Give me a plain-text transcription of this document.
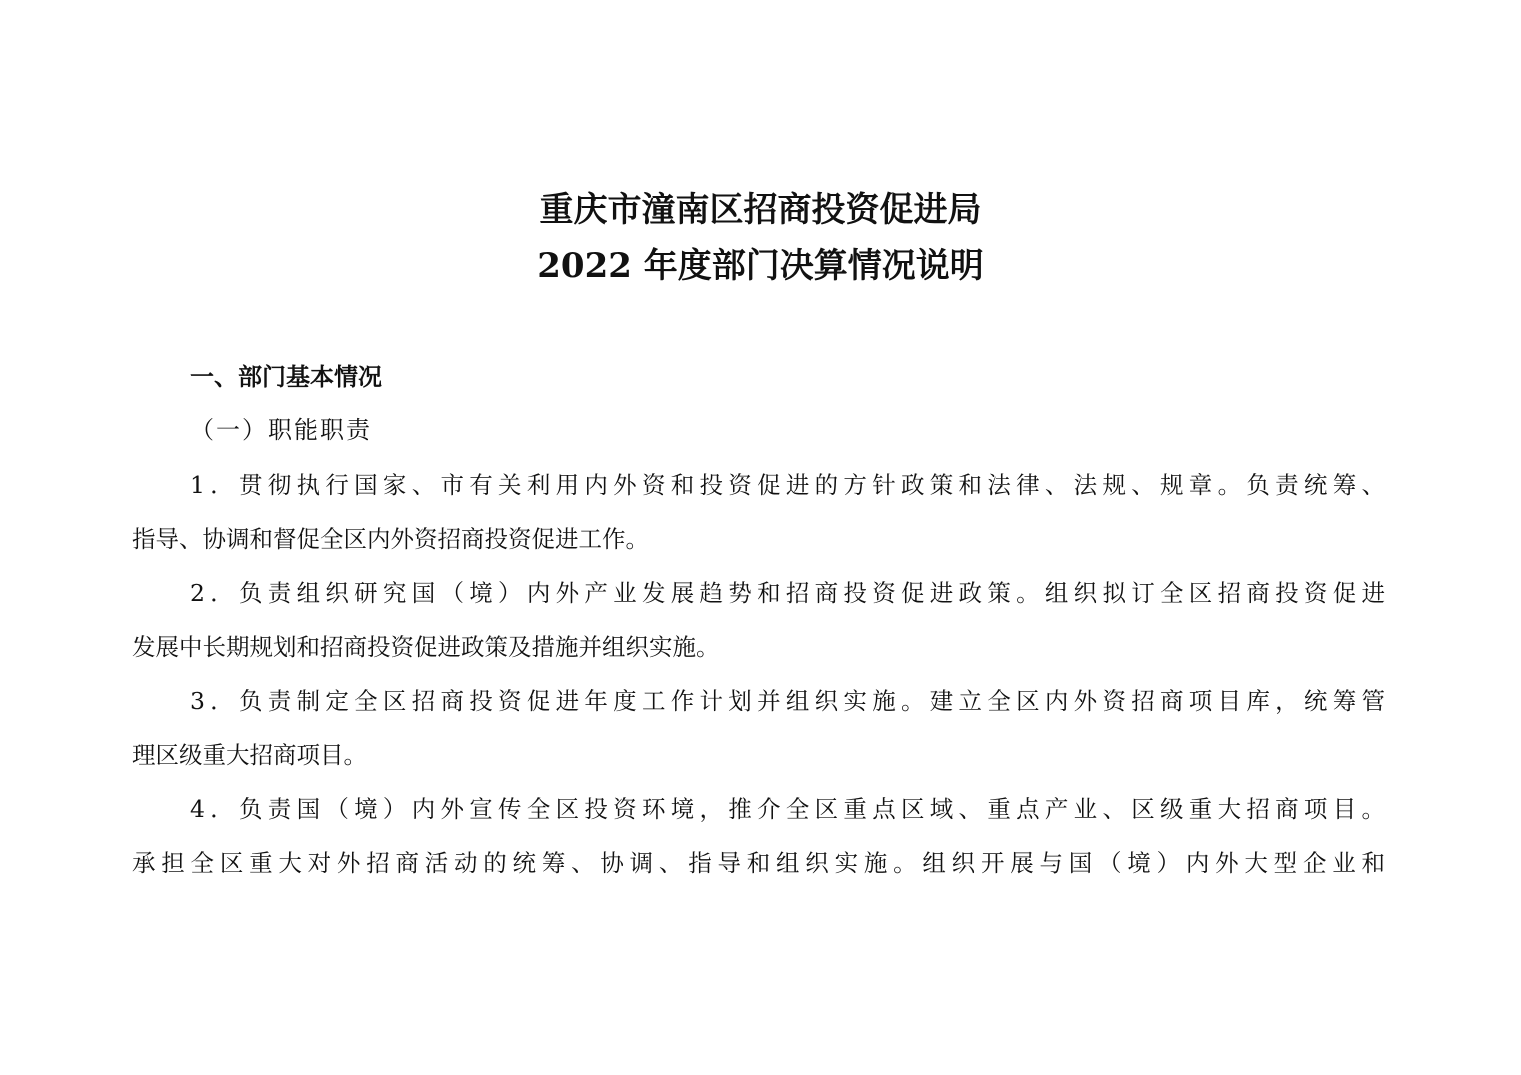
重庆市潼南区招商投资促进局
2022 年度部门决算情况说明
一、部门基本情况
（一）职能职责
1．贯彻执行国家、市有关利用内外资和投资促进的方针政策和法律、法规、规章。负责统筹、
指导、协调和督促全区内外资招商投资促进工作。
2．负责组织研究国（境）内外产业发展趋势和招商投资促进政策。组织拟订全区招商投资促进
发展中长期规划和招商投资促进政策及措施并组织实施。
3．负责制定全区招商投资促进年度工作计划并组织实施。建立全区内外资招商项目库，统筹管
理区级重大招商项目。
4．负责国（境）内外宣传全区投资环境，推介全区重点区域、重点产业、区级重大招商项目。
承担全区重大对外招商活动的统筹、协调、指导和组织实施。组织开展与国（境）内外大型企业和
